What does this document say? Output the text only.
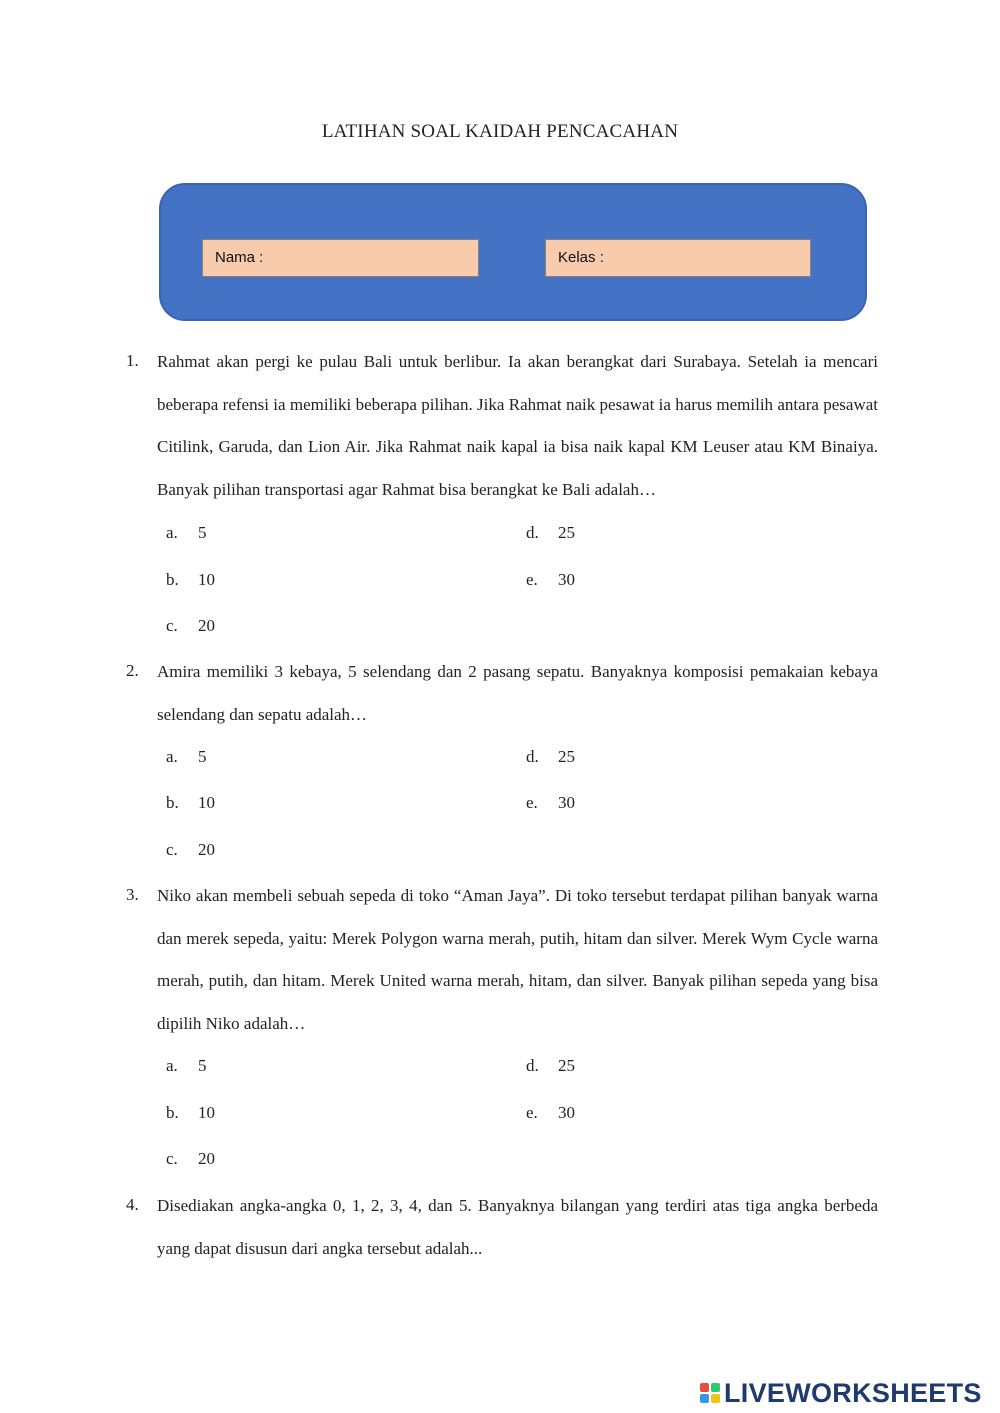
LATIHAN SOAL KAIDAH PENCACAHAN
Nama :	Kelas :
1. Rahmat akan pergi ke pulau Bali untuk berlibur. Ia akan berangkat dari Surabaya. Setelah ia mencari beberapa refensi ia memiliki beberapa pilihan. Jika Rahmat naik pesawat ia harus memilih antara pesawat Citilink, Garuda, dan Lion Air. Jika Rahmat naik kapal ia bisa naik kapal KM Leuser atau KM Binaiya. Banyak pilihan transportasi agar Rahmat bisa berangkat ke Bali adalah…
a. 5
b. 10
c. 20
d. 25
e. 30
2. Amira memiliki 3 kebaya, 5 selendang dan 2 pasang sepatu. Banyaknya komposisi pemakaian kebaya selendang dan sepatu adalah…
a. 5
b. 10
c. 20
d. 25
e. 30
3. Niko akan membeli sebuah sepeda di toko “Aman Jaya”. Di toko tersebut terdapat pilihan banyak warna dan merek sepeda, yaitu: Merek Polygon warna merah, putih, hitam dan silver. Merek Wym Cycle warna merah, putih, dan hitam. Merek United warna merah, hitam, dan silver. Banyak pilihan sepeda yang bisa dipilih Niko adalah…
a. 5
b. 10
c. 20
d. 25
e. 30
4. Disediakan angka-angka 0, 1, 2, 3, 4, dan 5. Banyaknya bilangan yang terdiri atas tiga angka berbeda yang dapat disusun dari angka tersebut adalah...
LIVEWORKSHEETS
